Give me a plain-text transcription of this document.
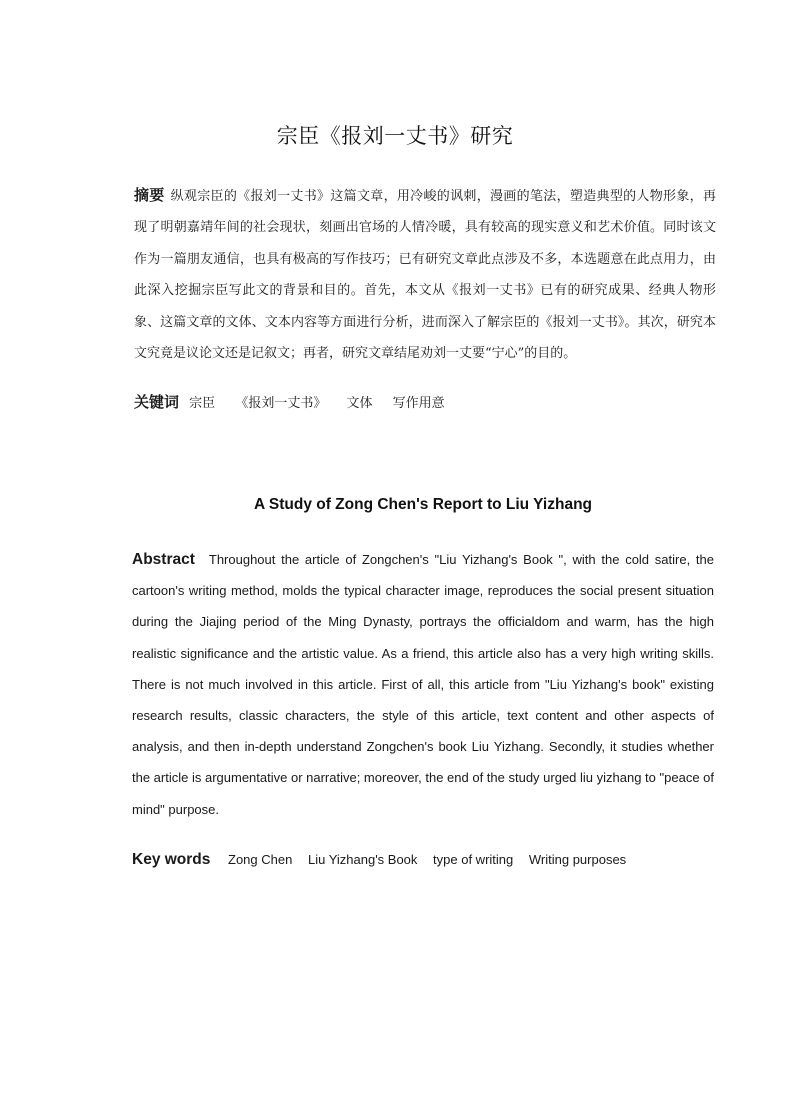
宗臣《报刘一丈书》研究
摘要 纵观宗臣的《报刘一丈书》这篇文章，用冷峻的讽刺，漫画的笔法，塑造典型的人物形象，再现了明朝嘉靖年间的社会现状，刻画出官场的人情冷暖，具有较高的现实意义和艺术价值。同时该文作为一篇朋友通信，也具有极高的写作技巧；已有研究文章此点涉及不多，本选题意在此点用力，由此深入挖掘宗臣写此文的背景和目的。首先，本文从《报刘一丈书》已有的研究成果、经典人物形象、这篇文章的文体、文本内容等方面进行分析，进而深入了解宗臣的《报刘一丈书》。其次，研究本文究竟是议论文还是记叙文；再者，研究文章结尾劝刘一丈要“宁心”的目的。
关键词 宗臣 《报刘一丈书》 文体 写作用意
A Study of Zong Chen's Report to Liu Yizhang
Abstract Throughout the article of Zongchen's "Liu Yizhang's Book ", with the cold satire, the cartoon's writing method, molds the typical character image, reproduces the social present situation during the Jiajing period of the Ming Dynasty, portrays the officialdom and warm, has the high realistic significance and the artistic value. As a friend, this article also has a very high writing skills. There is not much involved in this article. First of all, this article from "Liu Yizhang's book" existing research results, classic characters, the style of this article, text content and other aspects of analysis, and then in-depth understand Zongchen's book Liu Yizhang. Secondly, it studies whether the article is argumentative or narrative; moreover, the end of the study urged liu yizhang to "peace of mind" purpose.
Key words Zong Chen Liu Yizhang's Book type of writing Writing purposes
